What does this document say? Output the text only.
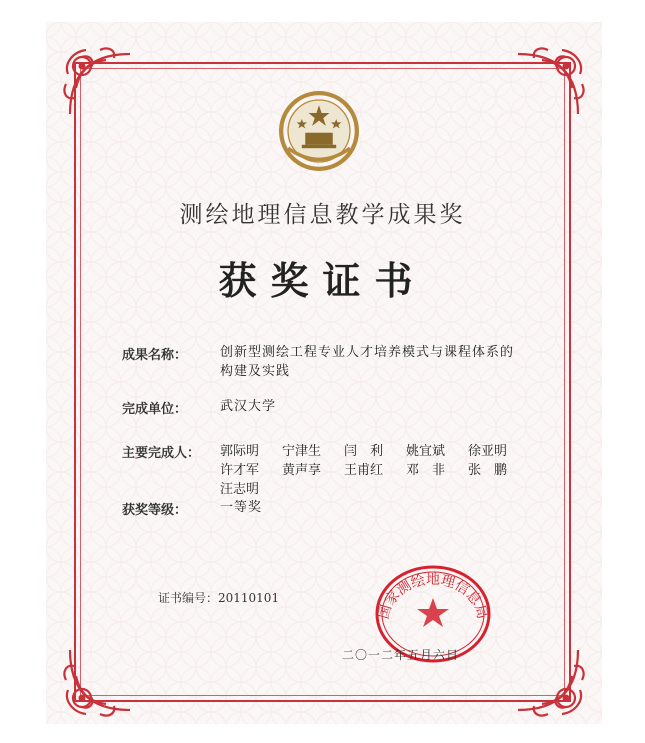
测绘地理信息教学成果奖
获奖证书
成果名称：	创新型测绘工程专业人才培养模式与课程体系的构建及实践
完成单位：	武汉大学
主要完成人： 郭际明 宁津生 闫　利 姚宜斌 徐亚明
许才军 黄声享 王甫红 邓　非 张　鹏
汪志明
获奖等级：	一等奖
证书编号：20110101
国家测绘地理信息局
二〇一二年五月六日
